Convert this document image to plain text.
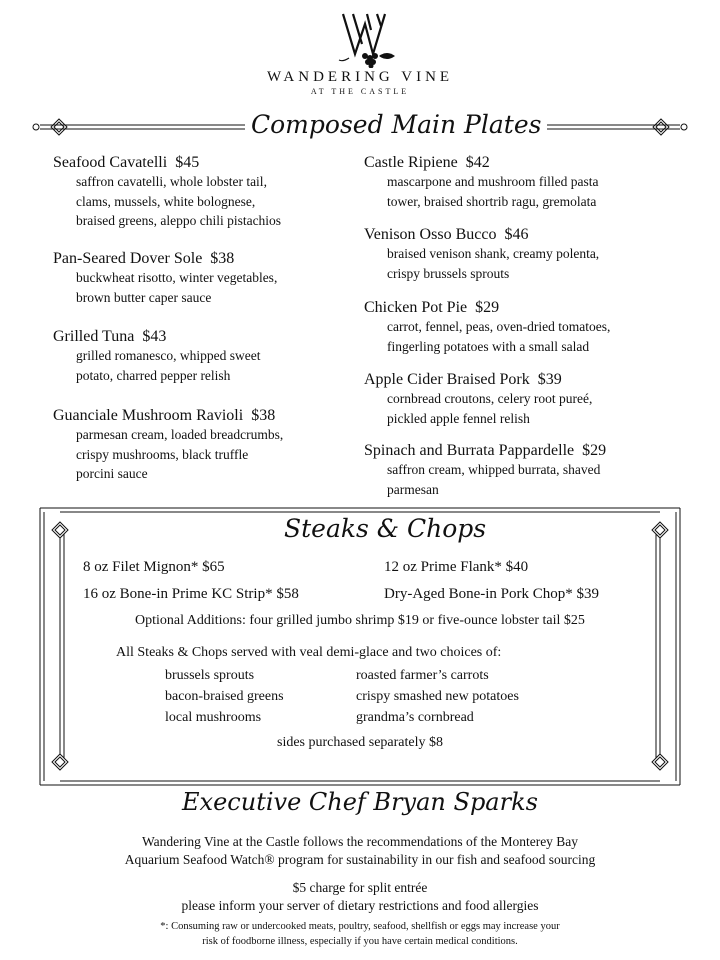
WANDERING VINE
AT THE CASTLE
Composed Main Plates
Seafood Cavatelli $45
saffron cavatelli, whole lobster tail,
clams, mussels, white bolognese,
braised greens, aleppo chili pistachios
Pan-Seared Dover Sole $38
buckwheat risotto, winter vegetables,
brown butter caper sauce
Grilled Tuna $43
grilled romanesco, whipped sweet
potato, charred pepper relish
Guanciale Mushroom Ravioli $38
parmesan cream, loaded breadcrumbs,
crispy mushrooms, black truffle
porcini sauce
Castle Ripiene $42
mascarpone and mushroom filled pasta
tower, braised shortrib ragu, gremolata
Venison Osso Bucco $46
braised venison shank, creamy polenta,
crispy brussels sprouts
Chicken Pot Pie $29
carrot, fennel, peas, oven-dried tomatoes,
fingerling potatoes with a small salad
Apple Cider Braised Pork $39
cornbread croutons, celery root pureé,
pickled apple fennel relish
Spinach and Burrata Pappardelle $29
saffron cream, whipped burrata, shaved
parmesan
Steaks & Chops
8 oz Filet Mignon* $65	12 oz Prime Flank* $40
16 oz Bone-in Prime KC Strip* $58	Dry-Aged Bone-in Pork Chop* $39
Optional Additions: four grilled jumbo shrimp $19 or five-ounce lobster tail $25
All Steaks & Chops served with veal demi-glace and two choices of:
brussels sprouts
bacon-braised greens
local mushrooms
roasted farmer’s carrots
crispy smashed new potatoes
grandma’s cornbread
sides purchased separately $8
Executive Chef Bryan Sparks
Wandering Vine at the Castle follows the recommendations of the Monterey Bay
Aquarium Seafood Watch® program for sustainability in our fish and seafood sourcing
$5 charge for split entrée
please inform your server of dietary restrictions and food allergies
*: Consuming raw or undercooked meats, poultry, seafood, shellfish or eggs may increase your
risk of foodborne illness, especially if you have certain medical conditions.
